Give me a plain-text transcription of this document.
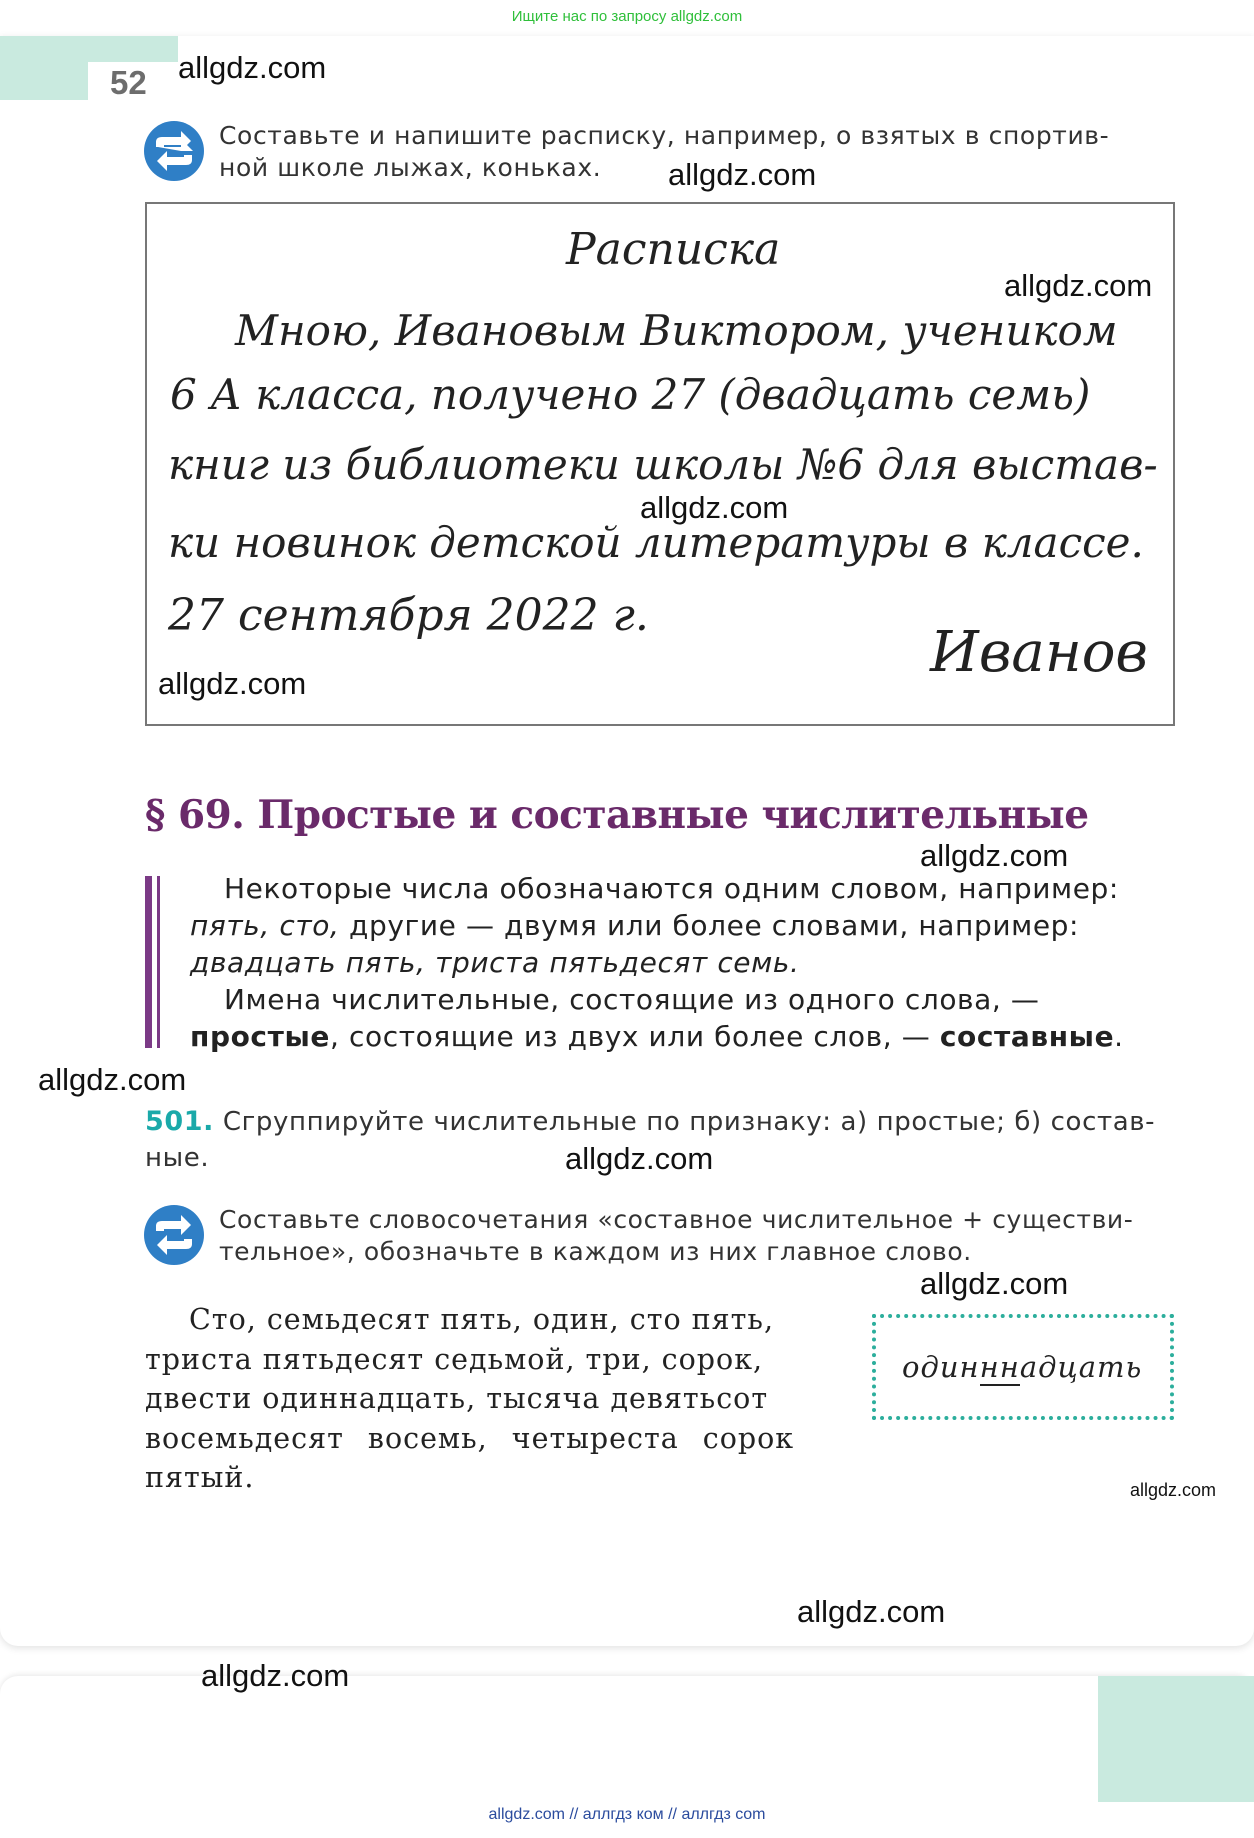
Ищите нас по запросу allgdz.com
52 allgdz.com
Составьте и напишите расписку, например, о взятых в спортив-
ной школе лыжах, коньках.	allgdz.com
Расписка
allgdz.com
Мною, Ивановым Виктором, учеником
6 А класса, получено 27 (двадцать семь)
книг из библиотеки школы №6 для выстав-
allgdz.com
ки новинок детской литературы в классе.
27 сентября 2022 г.
Иванов
allgdz.com
§ 69. Простые и составные числительные
allgdz.com
Некоторые числа обозначаются одним словом, например:
пять, сто, другие — двумя или более словами, например:
двадцать пять, триста пятьдесят семь.
Имена числительные, состоящие из одного слова, —
простые, состоящие из двух или более слов, — составные.
allgdz.com
501. Сгруппируйте числительные по признаку: а) простые; б) состав-
ные.	allgdz.com
Составьте словосочетания «составное числительное + существи-
тельное», обозначьте в каждом из них главное слово.
allgdz.com
Сто, семьдесят пять, один, сто пять,
триста пятьдесят седьмой, три, сорок,
двести одиннадцать, тысяча девятьсот
восемьдесят восемь, четыреста сорок
пятый.
одинннадцать
allgdz.com
allgdz.com
allgdz.com
allgdz.com // аллгдз ком // аллгдз com
